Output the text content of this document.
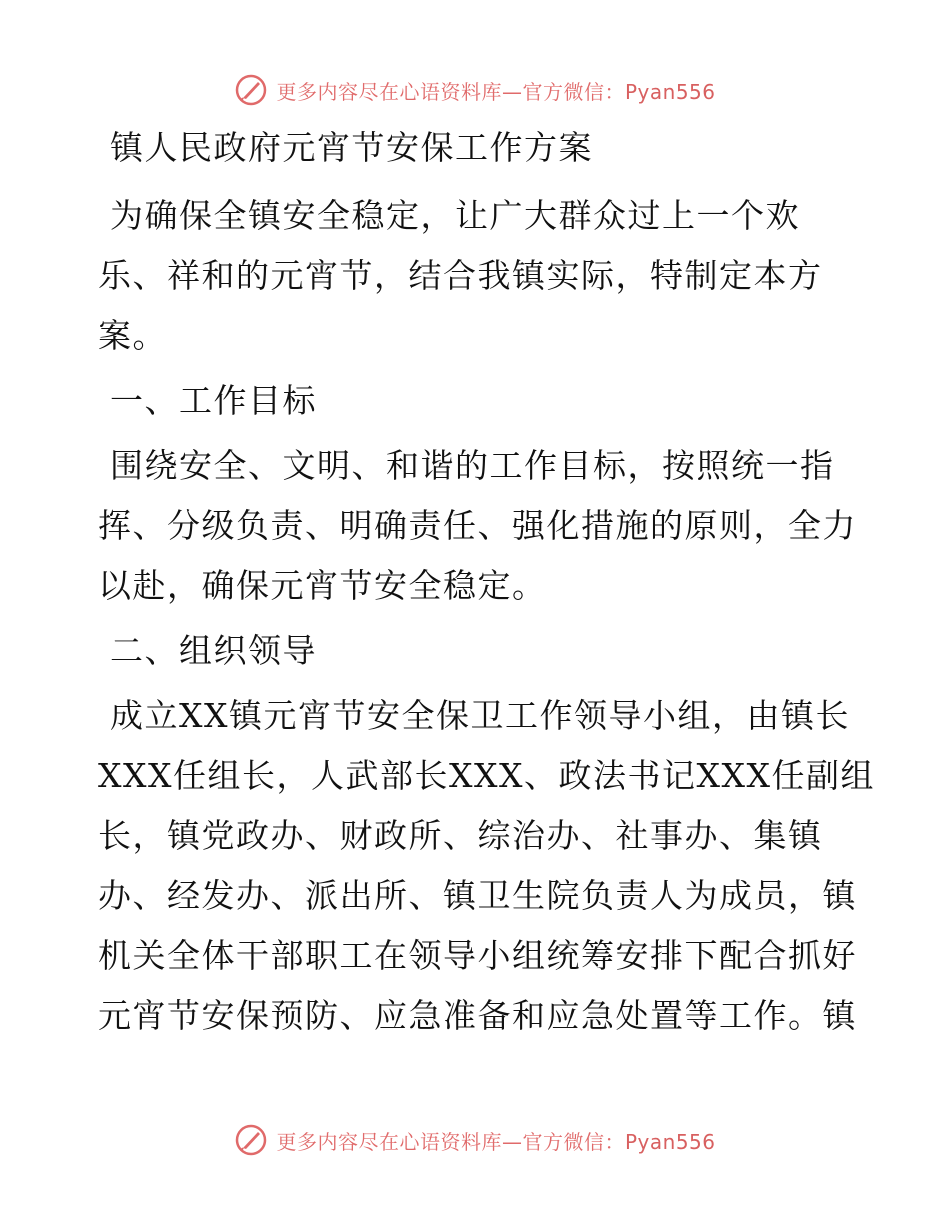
更多内容尽在心语资料库—官方微信：Pyan556
镇人民政府元宵节安保工作方案
为确保全镇安全稳定，让广大群众过上一个欢
乐、祥和的元宵节，结合我镇实际，特制定本方
案。
一、工作目标
围绕安全、文明、和谐的工作目标，按照统一指
挥、分级负责、明确责任、强化措施的原则，全力
以赴，确保元宵节安全稳定。
二、组织领导
成立XX镇元宵节安全保卫工作领导小组，由镇长
XXX任组长，人武部长XXX、政法书记XXX任副组
长，镇党政办、财政所、综治办、社事办、集镇
办、经发办、派出所、镇卫生院负责人为成员，镇
机关全体干部职工在领导小组统筹安排下配合抓好
元宵节安保预防、应急准备和应急处置等工作。镇
更多内容尽在心语资料库—官方微信：Pyan556
